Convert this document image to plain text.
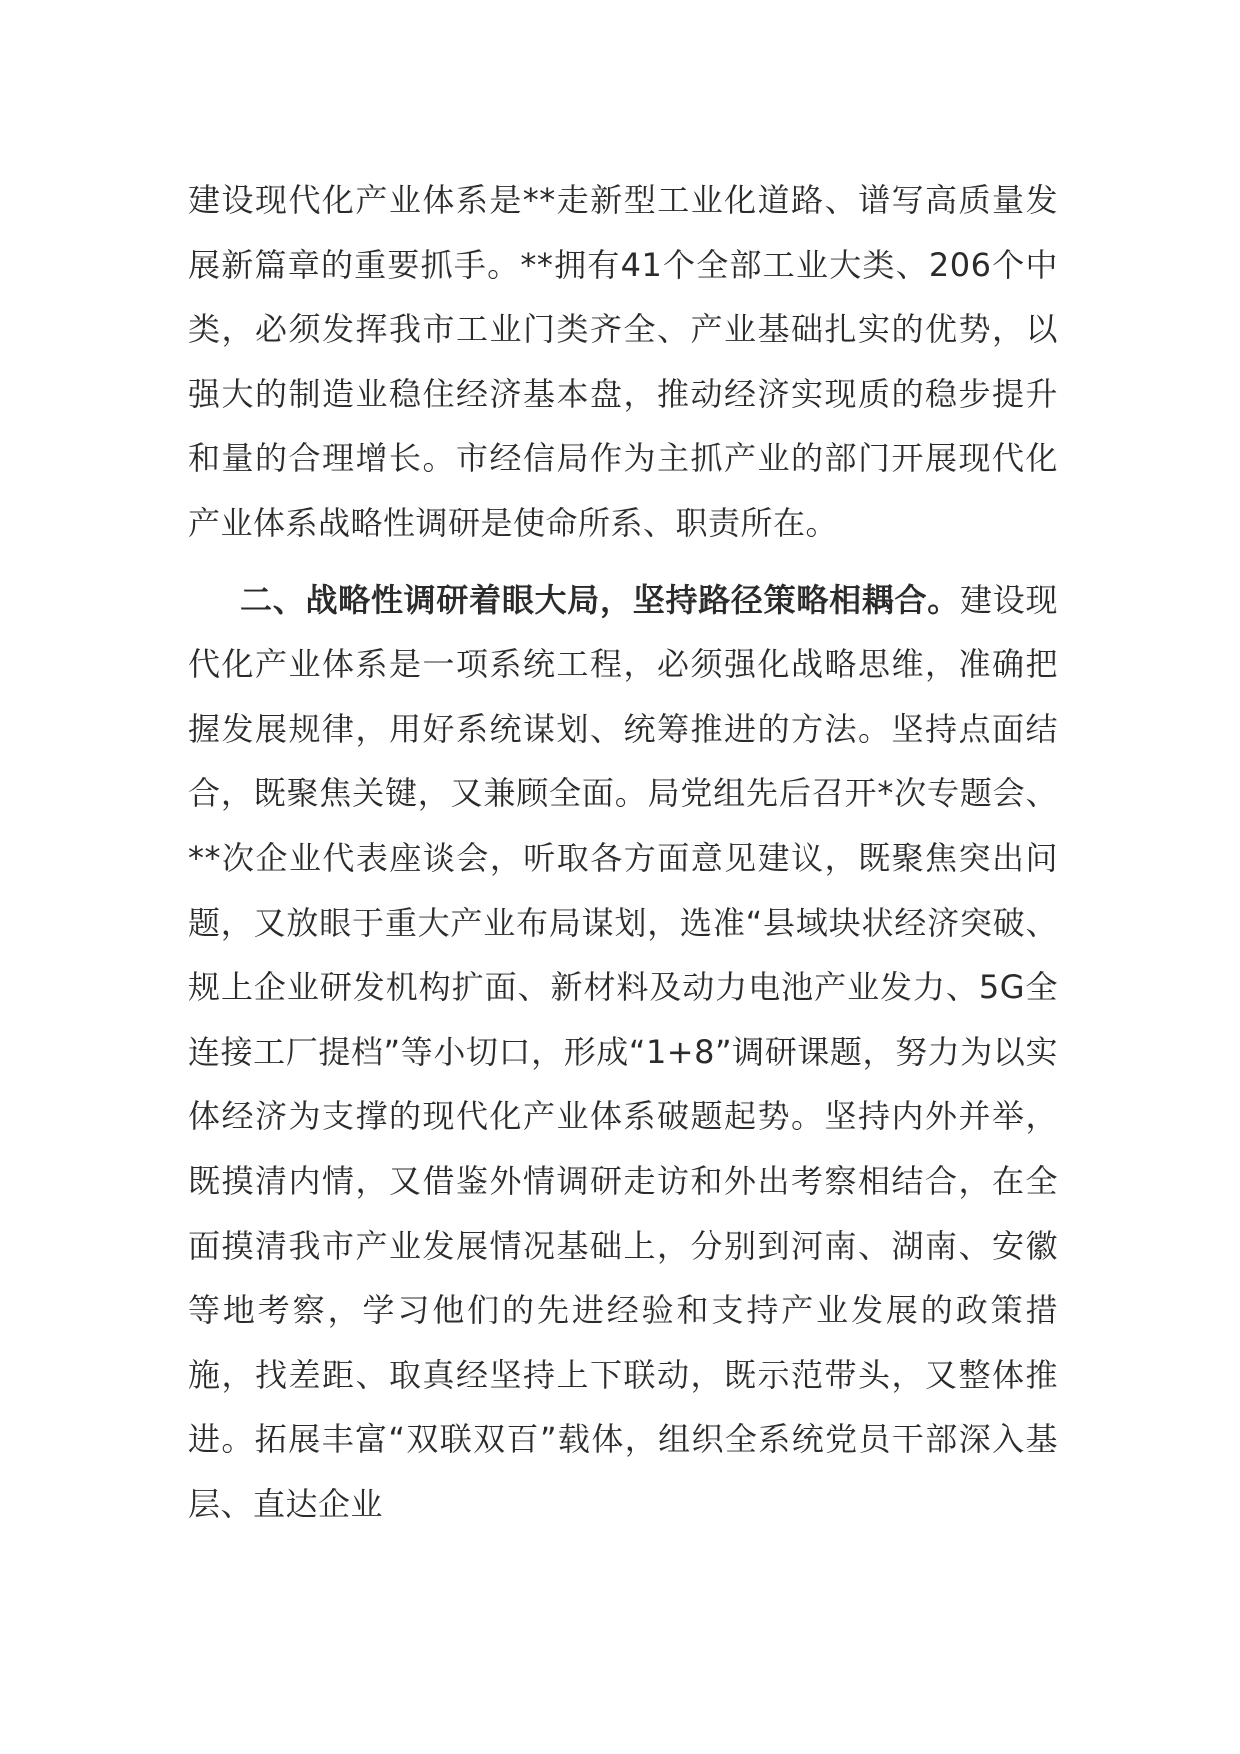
建设现代化产业体系是**走新型工业化道路、谱写高质量发展新篇章的重要抓手。**拥有41个全部工业大类、206个中类，必须发挥我市工业门类齐全、产业基础扎实的优势，以强大的制造业稳住经济基本盘，推动经济实现质的稳步提升和量的合理增长。市经信局作为主抓产业的部门开展现代化产业体系战略性调研是使命所系、职责所在。

二、战略性调研着眼大局，坚持路径策略相耦合。建设现代化产业体系是一项系统工程，必须强化战略思维，准确把握发展规律，用好系统谋划、统筹推进的方法。坚持点面结合，既聚焦关键，又兼顾全面。局党组先后召开*次专题会、**次企业代表座谈会，听取各方面意见建议，既聚焦突出问题，又放眼于重大产业布局谋划，选准“县域块状经济突破、规上企业研发机构扩面、新材料及动力电池产业发力、5G全连接工厂提档”等小切口，形成“1+8”调研课题，努力为以实体经济为支撑的现代化产业体系破题起势。坚持内外并举，既摸清内情，又借鉴外情调研走访和外出考察相结合，在全面摸清我市产业发展情况基础上，分别到河南、湖南、安徽等地考察，学习他们的先进经验和支持产业发展的政策措施，找差距、取真经坚持上下联动，既示范带头，又整体推进。拓展丰富“双联双百”载体，组织全系统党员干部深入基层、直达企业
